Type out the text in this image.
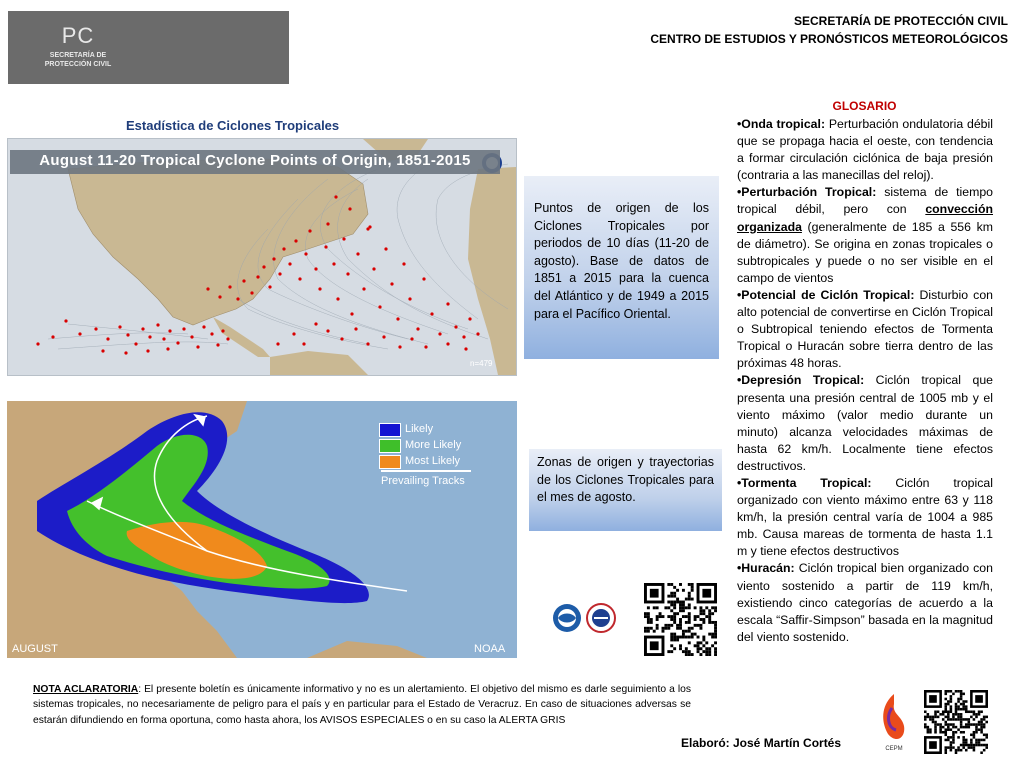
PC
SECRETARÍA DE
PROTECCIÓN CIVIL
SECRETARÍA DE PROTECCIÓN CIVIL
CENTRO DE ESTUDIOS Y PRONÓSTICOS METEOROLÓGICOS
Estadística de Ciclones Tropicales
n=479
August 11-20 Tropical Cyclone Points of Origin, 1851-2015
Likely
More Likely
Most Likely
Prevailing Tracks
AUGUST	NOAA

Puntos de origen de los Ciclones Tropicales por periodos de 10 días (11-20 de agosto). Base de datos de 1851 a 2015 para la cuenca del Atlántico y de 1949 a 2015 para el Pacífico Oriental.

Zonas de origen y trayectorias de los Ciclones Tropicales para el mes de agosto.

GLOSARIO

•Onda tropical: Perturbación ondulatoria débil que se propaga hacia el oeste, con tendencia a formar circulación ciclónica de baja presión (contraria a las manecillas del reloj).

•Perturbación Tropical: sistema de tiempo tropical débil, pero con convección organizada (generalmente de 185 a 556 km de diámetro). Se origina en zonas tropicales o subtropicales y puede o no ser visible en el campo de vientos

•Potencial de Ciclón Tropical: Disturbio con alto potencial de convertirse en Ciclón Tropical o Subtropical teniendo efectos de Tormenta Tropical o Huracán sobre tierra dentro de las próximas 48 horas.

•Depresión Tropical: Ciclón tropical que presenta una presión central de 1005 mb y el viento máximo (valor medio durante un minuto) alcanza velocidades máximas de hasta 62 km/h. Localmente tiene efectos destructivos.

•Tormenta Tropical: Ciclón tropical organizado con viento máximo entre 63 y 118 km/h, la presión central varía de 1004 a 985 mb. Causa mareas de tormenta de hasta 1.1 m y tiene efectos destructivos

•Huracán: Ciclón tropical bien organizado con viento sostenido a partir de 119 km/h, existiendo cinco categorías de acuerdo a la escala “Saffir-Simpson” basada en la magnitud del viento sostenido.

CEPM
NOTA ACLARATORIA: El presente boletín es únicamente informativo y no es un alertamiento. El objetivo del mismo es darle seguimiento a los sistemas tropicales, no necesariamente de peligro para el país y en particular para el Estado de Veracruz. En caso de situaciones adversas se estarán difundiendo en forma oportuna, como hasta ahora, los AVISOS ESPECIALES o en su caso la ALERTA GRIS
Elaboró: José Martín Cortés
